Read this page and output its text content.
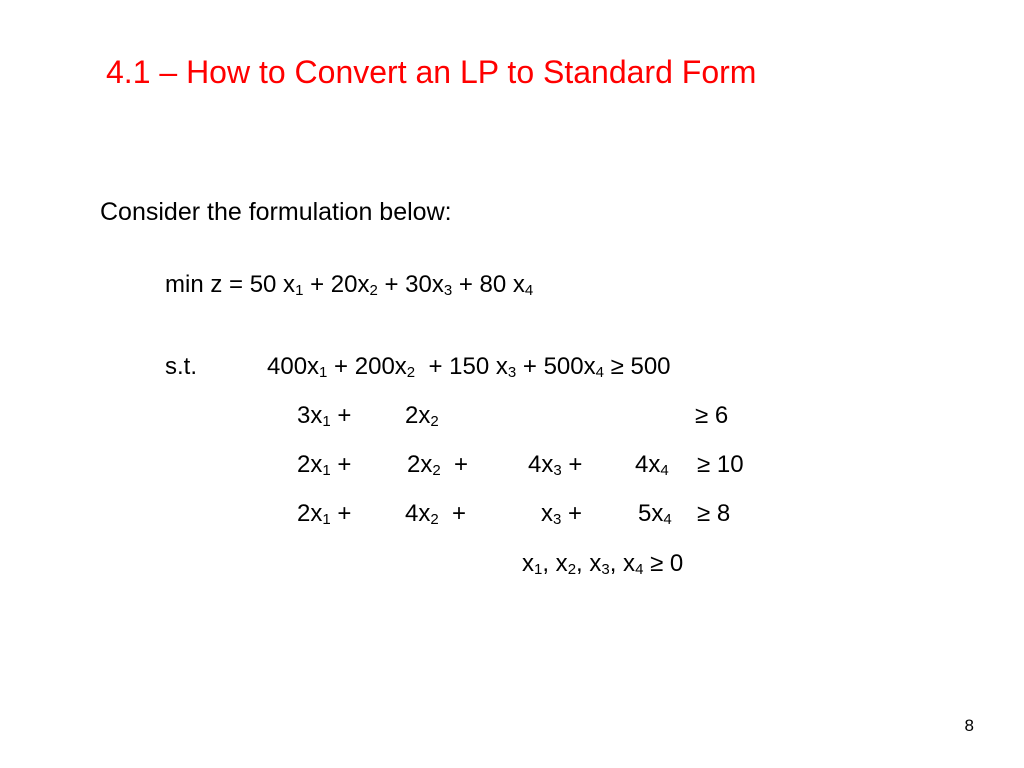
4.1 – How to Convert an LP to Standard Form
Consider the formulation below:

min z = 50 $x_1 + 20x_2 + 30x_3 + 80$ $x_4$

s.t.	$400x_1 + 200x_2 + 150$ $x_3 + 500x_4 \ge 500$

$3x_1 + 2x_2$	≥ 6
$2x_1 + 2x_2 + 4x_3 + 4x_4 \ge 10$
$2x_1 + 4x_2$  +	$x_3 + 5x_4 \ge 8$

$x_1$, $x_2$, $x_3$, $x_4 \ge 0$

8
